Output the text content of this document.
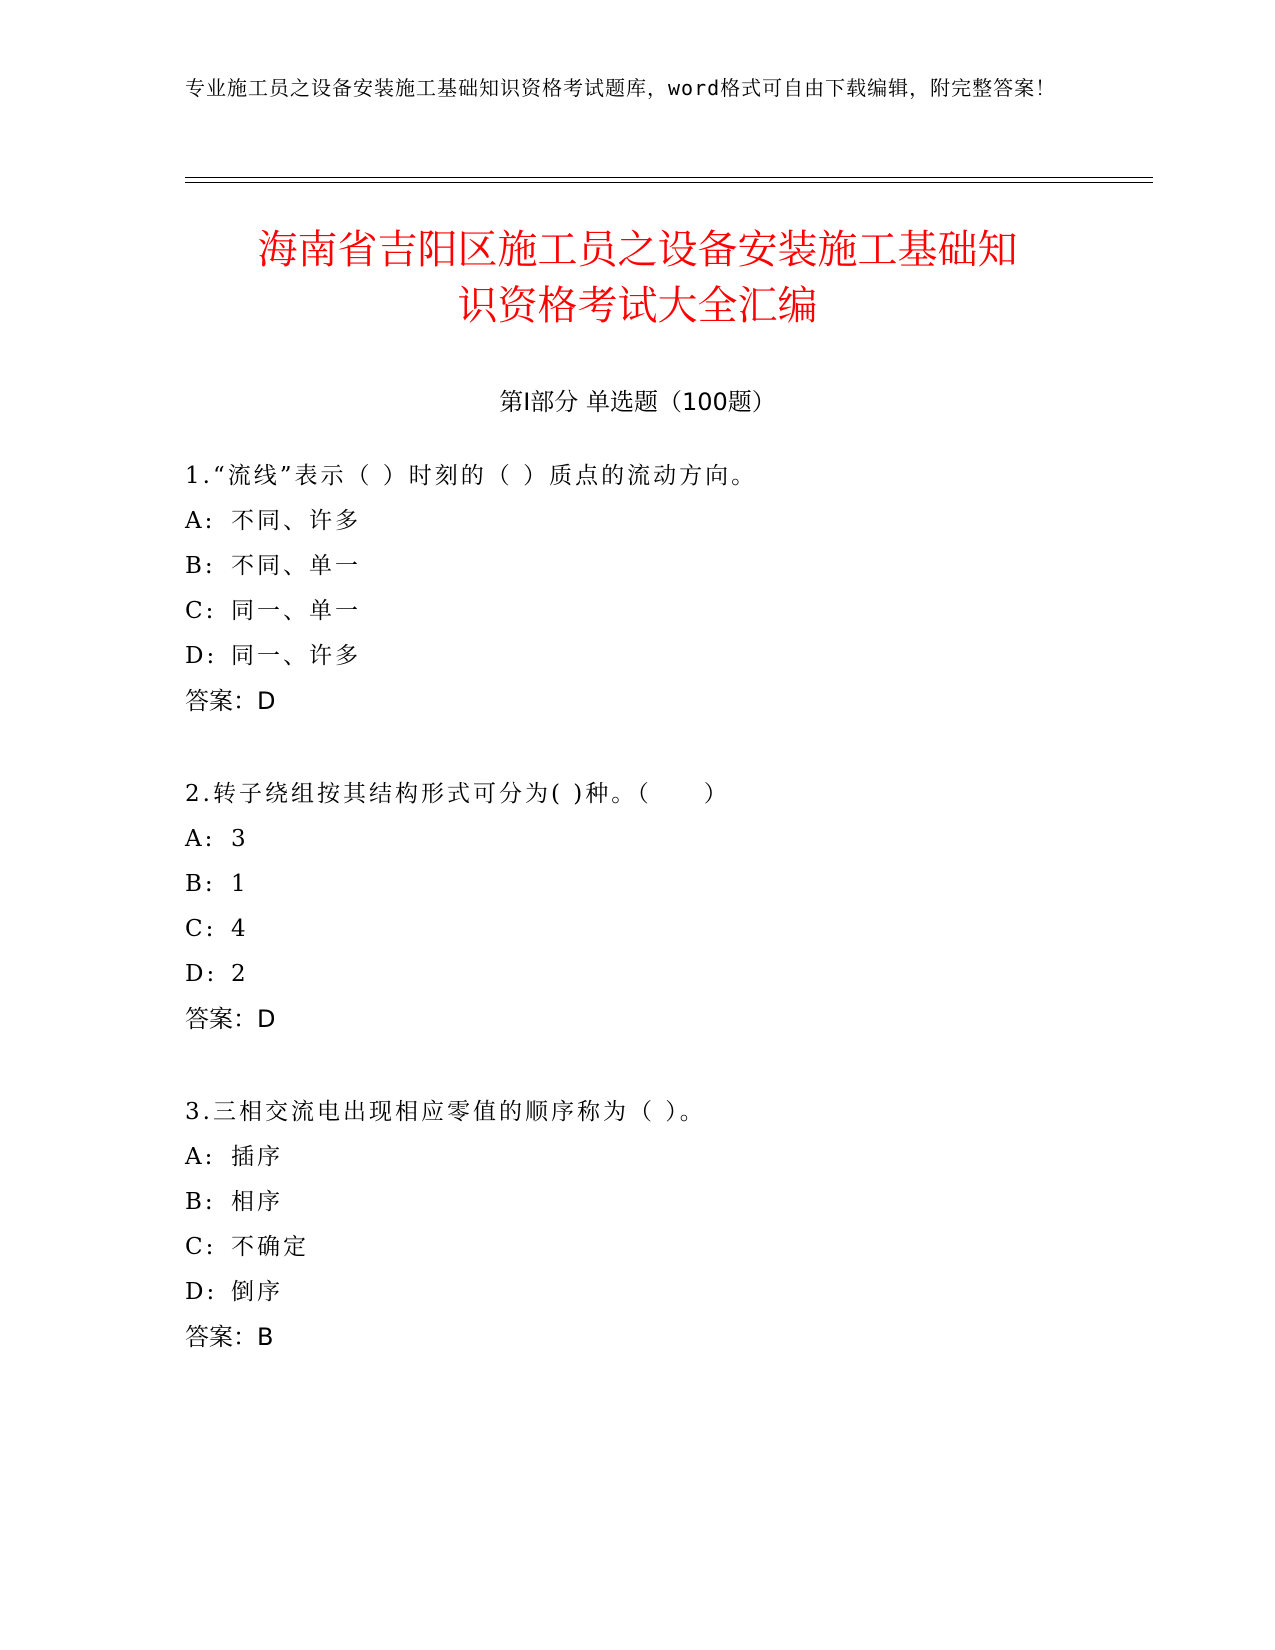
专业施工员之设备安装施工基础知识资格考试题库，word格式可自由下载编辑，附完整答案！
海南省吉阳区施工员之设备安装施工基础知
识资格考试大全汇编
第Ⅰ部分 单选题（100题）
1.“流线”表示（ ）时刻的（ ）质点的流动方向。
A: 不同、许多
B: 不同、单一
C: 同一、单一
D: 同一、许多
答案：D
2.转子绕组按其结构形式可分为( )种。（　　）
A: 3
B: 1
C: 4
D: 2
答案：D
3.三相交流电出现相应零值的顺序称为（ ）。
A: 插序
B: 相序
C: 不确定
D: 倒序
答案：B
